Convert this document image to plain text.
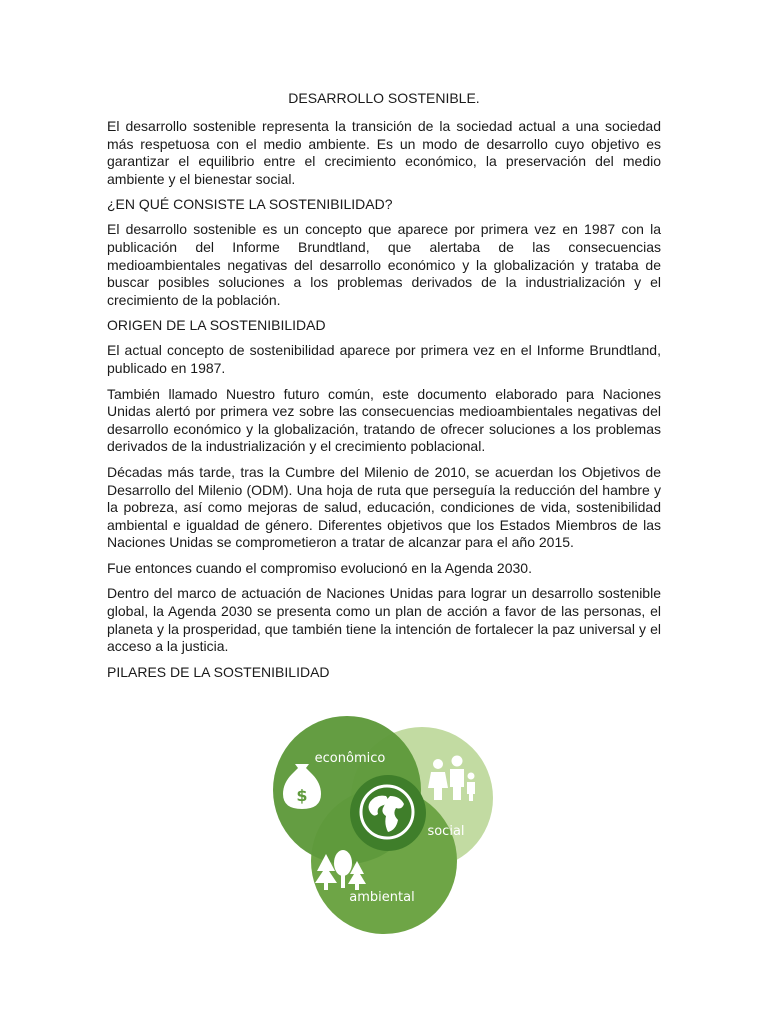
DESARROLLO SOSTENIBLE.

El desarrollo sostenible representa la transición de la sociedad actual a una sociedad más respetuosa con el medio ambiente. Es un modo de desarrollo cuyo objetivo es garantizar el equilibrio entre el crecimiento económico, la preservación del medio ambiente y el bienestar social.

¿EN QUÉ CONSISTE LA SOSTENIBILIDAD?

El desarrollo sostenible es un concepto que aparece por primera vez en 1987 con la publicación del Informe Brundtland, que alertaba de las consecuencias medioambientales negativas del desarrollo económico y la globalización y trataba de buscar posibles soluciones a los problemas derivados de la industrialización y el crecimiento de la población.

ORIGEN DE LA SOSTENIBILIDAD

El actual concepto de sostenibilidad aparece por primera vez en el Informe Brundtland, publicado en 1987.

También llamado Nuestro futuro común, este documento elaborado para Naciones Unidas alertó por primera vez sobre las consecuencias medioambientales negativas del desarrollo económico y la globalización, tratando de ofrecer soluciones a los problemas derivados de la industrialización y el crecimiento poblacional.

Décadas más tarde, tras la Cumbre del Milenio de 2010, se acuerdan los Objetivos de Desarrollo del Milenio (ODM). Una hoja de ruta que perseguía la reducción del hambre y la pobreza, así como mejoras de salud, educación, condiciones de vida, sostenibilidad ambiental e igualdad de género. Diferentes objetivos que los Estados Miembros de las Naciones Unidas se comprometieron a tratar de alcanzar para el año 2015.

Fue entonces cuando el compromiso evolucionó en la Agenda 2030.

Dentro del marco de actuación de Naciones Unidas para lograr un desarrollo sostenible global, la Agenda 2030 se presenta como un plan de acción a favor de las personas, el planeta y la prosperidad, que también tiene la intención de fortalecer la paz universal y el acceso a la justicia.

PILARES DE LA SOSTENIBILIDAD
$
econômico
social
ambiental
